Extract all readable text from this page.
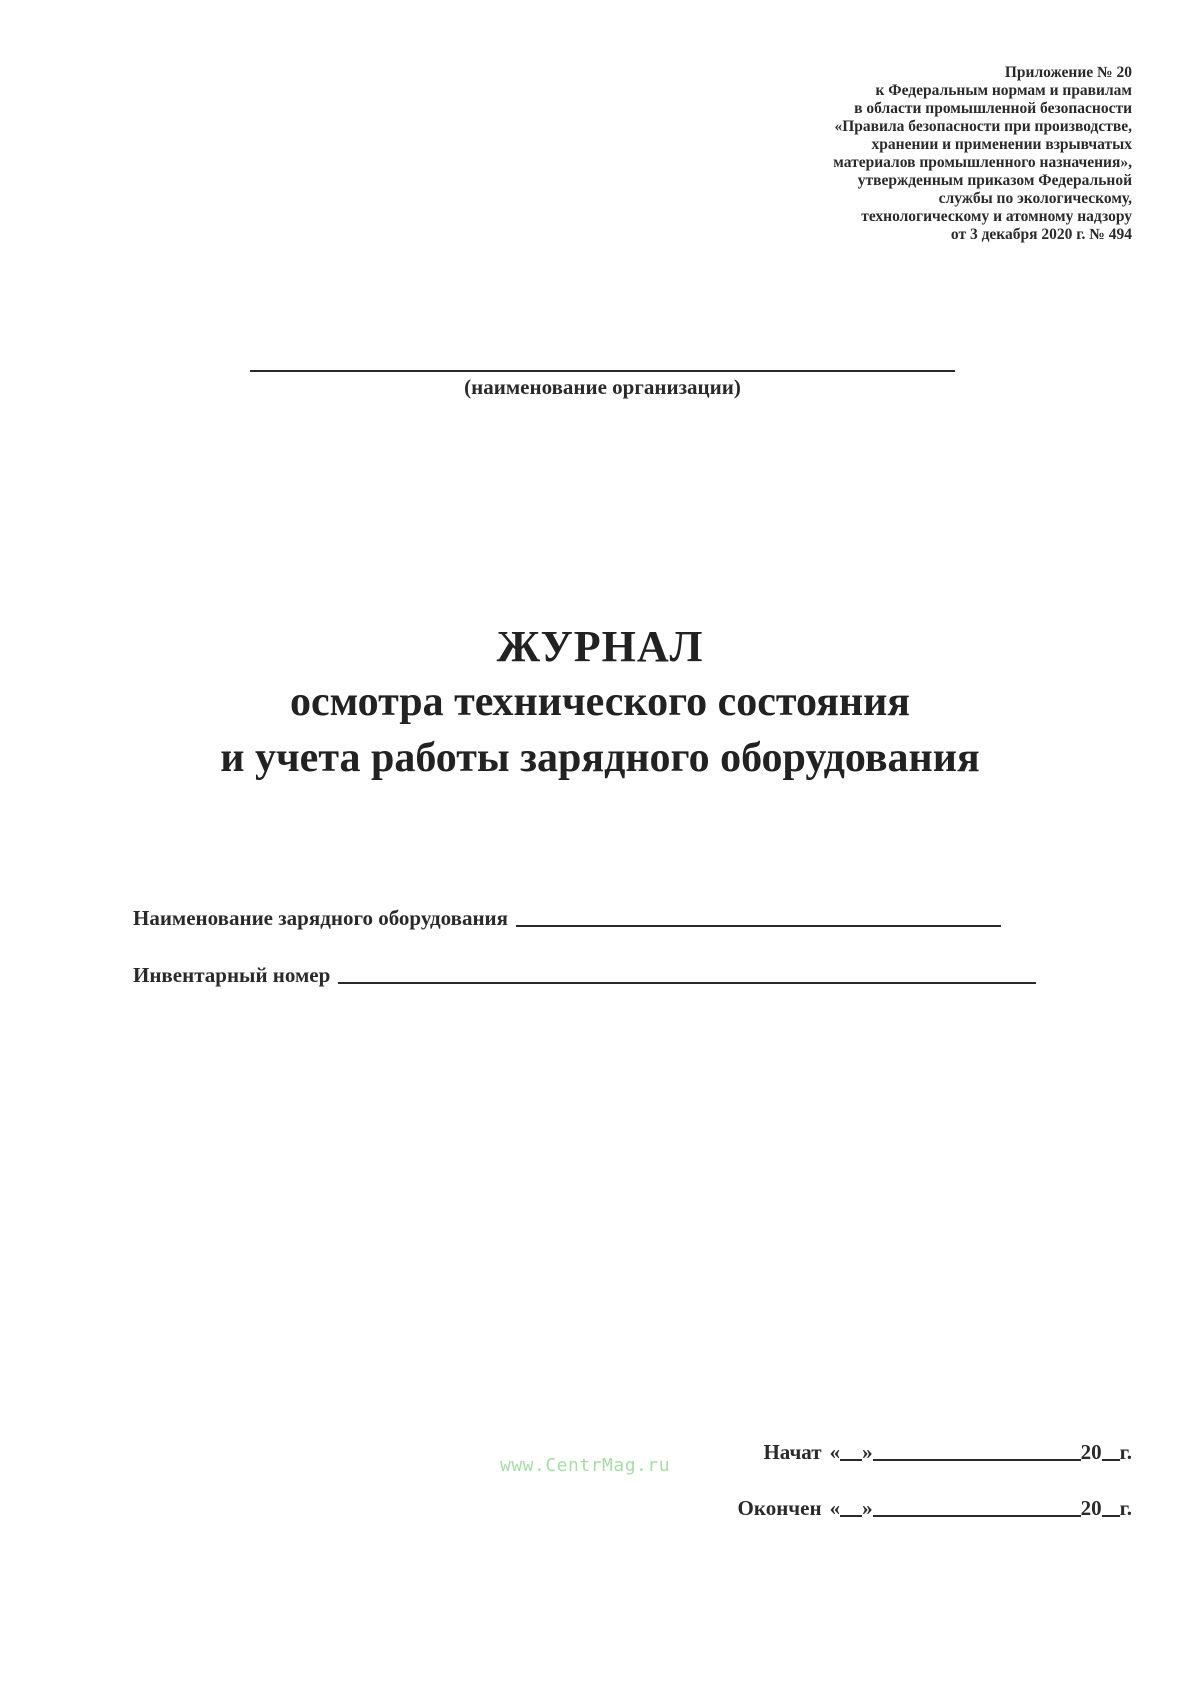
Приложение № 20
к Федеральным нормам и правилам
в области промышленной безопасности
«Правила безопасности при производстве,
хранении и применении взрывчатых
материалов промышленного назначения»,
утвержденным приказом Федеральной
службы по экологическому,
технологическому и атомному надзору
от 3 декабря 2020 г. № 494
(наименование организации)
ЖУРНАЛ
осмотра технического состояния
и учета работы зарядного оборудования
Наименование зарядного оборудования
Инвентарный номер
www.CentrMag.ru
Начат « »	20 г.
Окончен « »	20 г.
